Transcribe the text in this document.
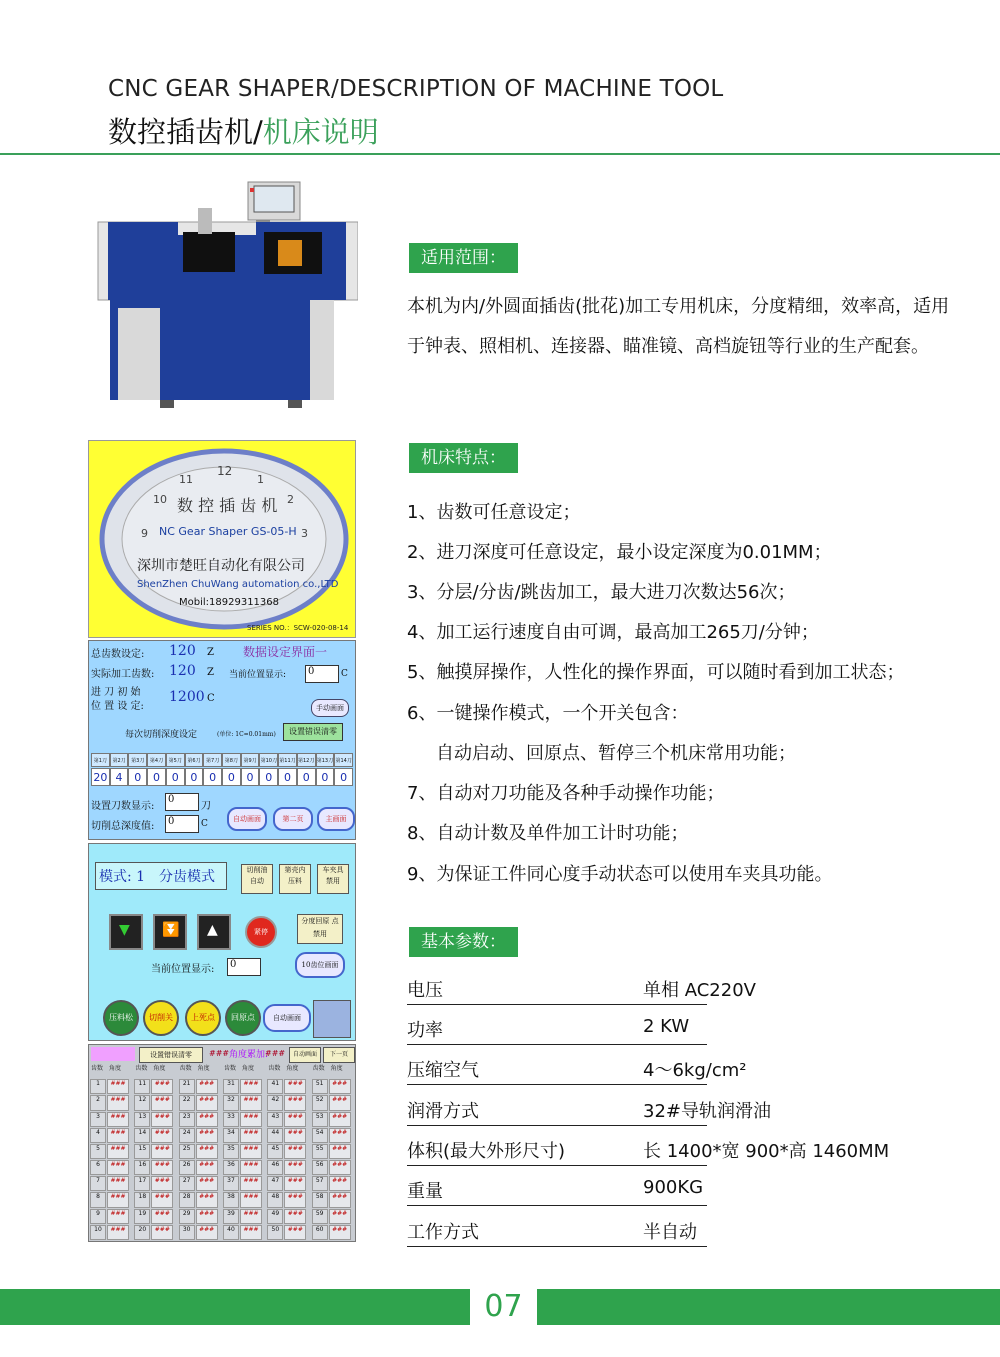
CNC GEAR SHAPER/DESCRIPTION OF MACHINE TOOL
数控插齿机/机床说明
12
1
2
3
9
10
11
数 控 插 齿 机
NC Gear Shaper GS-05-H
深圳市楚旺自动化有限公司
ShenZhen ChuWang automation co.,LTD
Mobil:18929311368
SERIES NO.：SCW-020-08-14
总齿数设定: 120 Z 数据设定界面一
实际加工齿数: 120 Z 当前位置显示:	0	C
进 刀 初 始
位 置 设 定:
1200 C
手动画面
每次切削深度设定	(单位: 1C=0.01mm)	设置错误清零
第1刀
20
第2刀
4
第3刀
0
第4刀
0
第5刀
0
第6刀
0
第7刀
0
第8刀
0
第9刀
0
第10刀
0
第11刀
0
第12刀
0
第13刀
0
第14刀
0
设置刀数显示:
0
刀
切削总深度值:	0	C	自动画面	第二页	主画面
模式: 1 分齿模式	切削油 自动
第壳内 压料
车夹具 禁用
▼ ⏬ ▲	紧停
分度回原 点禁用
当前位置显示:	0	10齿位画面
压料松	切削关	上死点	回原点	自动画面
设置错误清零	### 角度累加:
###	自动画面	下一页
齿数 角度
1	###
2	###
3	###
4	###
5	###
6	###
7	###
8	###
9	###
10	###
齿数 角度
11	###
12	###
13	###
14	###
15	###
16	###
17	###
18	###
19	###
20	###
齿数 角度
21	###
22	###
23	###
24	###
25	###
26	###
27	###
28	###
29	###
30	###
齿数 角度
31	###
32	###
33	###
34	###
35	###
36	###
37	###
38	###
39	###
40	###
齿数 角度
41	###
42	###
43	###
44	###
45	###
46	###
47	###
48	###
49	###
50	###
齿数 角度
51	###
52	###
53	###
54	###
55	###
56	###
57	###
58	###
59	###
60	###
适用范围：
本机为内/外圆面插齿(批花)加工专用机床，分度精细，效率高，适用于钟表、照相机、连接器、瞄准镜、高档旋钮等行业的生产配套。
机床特点：
1、齿数可任意设定；
2、进刀深度可任意设定，最小设定深度为0.01MM；
3、分层/分齿/跳齿加工，最大进刀次数达56次；
4、加工运行速度自由可调，最高加工265刀/分钟；
5、触摸屏操作，人性化的操作界面，可以随时看到加工状态；
6、一键操作模式，一个开关包含：
自动启动、回原点、暂停三个机床常用功能；
7、自动对刀功能及各种手动操作功能；
8、自动计数及单件加工计时功能；
9、为保证工件同心度手动状态可以使用车夹具功能。
基本参数：
电压	单相 AC220V
功率	2 KW
压缩空气	4～6kg/cm²
润滑方式	32#导轨润滑油
体积(最大外形尺寸)	长 1400*宽 900*高 1460MM
重量	900KG
工作方式	半自动
07
